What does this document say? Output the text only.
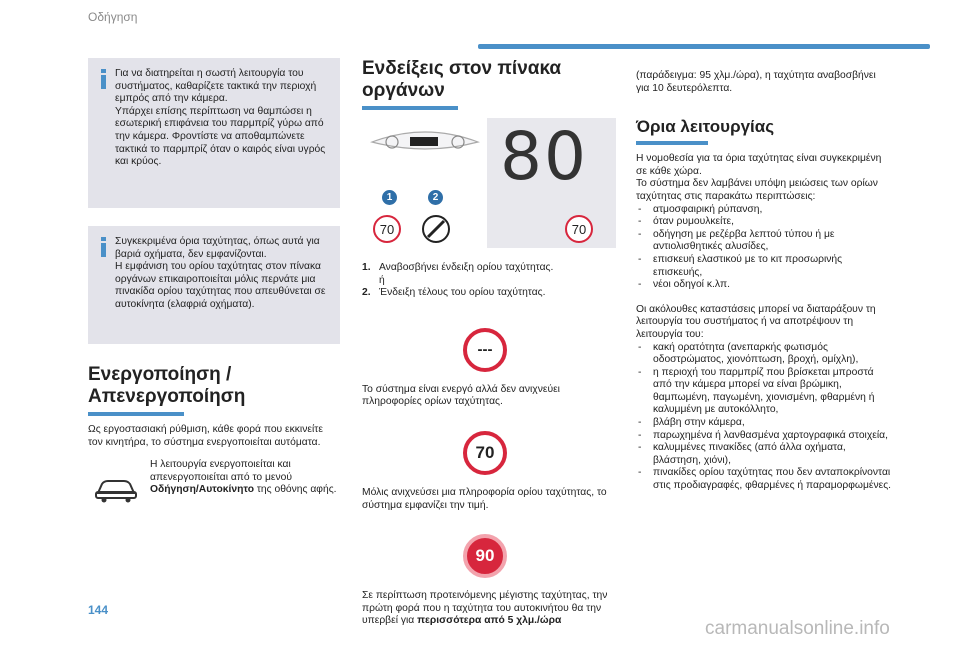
Οδήγηση

Για να διατηρείται η σωστή λειτουργία του συστήματος, καθαρίζετε τακτικά την περιοχή εμπρός από την κάμερα.
Υπάρχει επίσης περίπτωση να θαμπώσει η εσωτερική επιφάνεια του παρμπρίζ γύρω από την κάμερα. Φροντίστε να αποθαμπώνετε τακτικά το παρμπρίζ όταν ο καιρός είναι υγρός και κρύος.

Συγκεκριμένα όρια ταχύτητας, όπως αυτά για βαριά οχήματα, δεν εμφανίζονται.
Η εμφάνιση του ορίου ταχύτητας στον πίνακα οργάνων επικαιροποιείται μόλις περνάτε μια πινακίδα ορίου ταχύτητας που απευθύνεται σε αυτοκίνητα (ελαφριά οχήματα).

Ενεργοποίηση / Απενεργοποίηση

Ως εργοστασιακή ρύθμιση, κάθε φορά που εκκινείτε τον κινητήρα, το σύστημα ενεργοποιείται αυτόματα.

Η λειτουργία ενεργοποιείται και απενεργοποιείται από το μενού Οδήγηση/Αυτοκίνητο της οθόνης αφής.

Ενδείξεις στον πίνακα οργάνων

80
1	2
70	70
1. Αναβοσβήνει ένδειξη ορίου ταχύτητας.
ή
2. Ένδειξη τέλους του ορίου ταχύτητας.
---

Το σύστημα είναι ενεργό αλλά δεν ανιχνεύει πληροφορίες ορίων ταχύτητας.

70

Μόλις ανιχνεύσει μια πληροφορία ορίου ταχύτητας, το σύστημα εμφανίζει την τιμή.

90

Σε περίπτωση προτεινόμενης μέγιστης ταχύτητας, την πρώτη φορά που η ταχύτητα του αυτοκινήτου θα την υπερβεί για περισσότερα από 5 χλμ./ώρα

(παράδειγμα: 95 χλμ./ώρα), η ταχύτητα αναβοσβήνει για 10 δευτερόλεπτα.

Όρια λειτουργίας

Η νομοθεσία για τα όρια ταχύτητας είναι συγκεκριμένη σε κάθε χώρα.
Το σύστημα δεν λαμβάνει υπόψη μειώσεις των ορίων ταχύτητας στις παρακάτω περιπτώσεις:

- ατμοσφαιρική ρύπανση,
- όταν ρυμουλκείτε,
- οδήγηση με ρεζέρβα λεπτού τύπου ή με αντιολισθητικές αλυσίδες,
- επισκευή ελαστικού με το κιτ προσωρινής επισκευής,
- νέοι οδηγοί κ.λπ.

Οι ακόλουθες καταστάσεις μπορεί να διαταράξουν τη λειτουργία του συστήματος ή να αποτρέψουν τη λειτουργία του:

- κακή ορατότητα (ανεπαρκής φωτισμός οδοστρώματος, χιονόπτωση, βροχή, ομίχλη),
- η περιοχή του παρμπρίζ που βρίσκεται μπροστά από την κάμερα μπορεί να είναι βρώμικη, θαμπωμένη, παγωμένη, χιονισμένη, φθαρμένη ή καλυμμένη με αυτοκόλλητο,
- βλάβη στην κάμερα,
- παρωχημένα ή λανθασμένα χαρτογραφικά στοιχεία,
- καλυμμένες πινακίδες (από άλλα οχήματα, βλάστηση, χιόνι),
- πινακίδες ορίου ταχύτητας που δεν ανταποκρίνονται στις προδιαγραφές, φθαρμένες ή παραμορφωμένες.
144
carmanualsonline.info
